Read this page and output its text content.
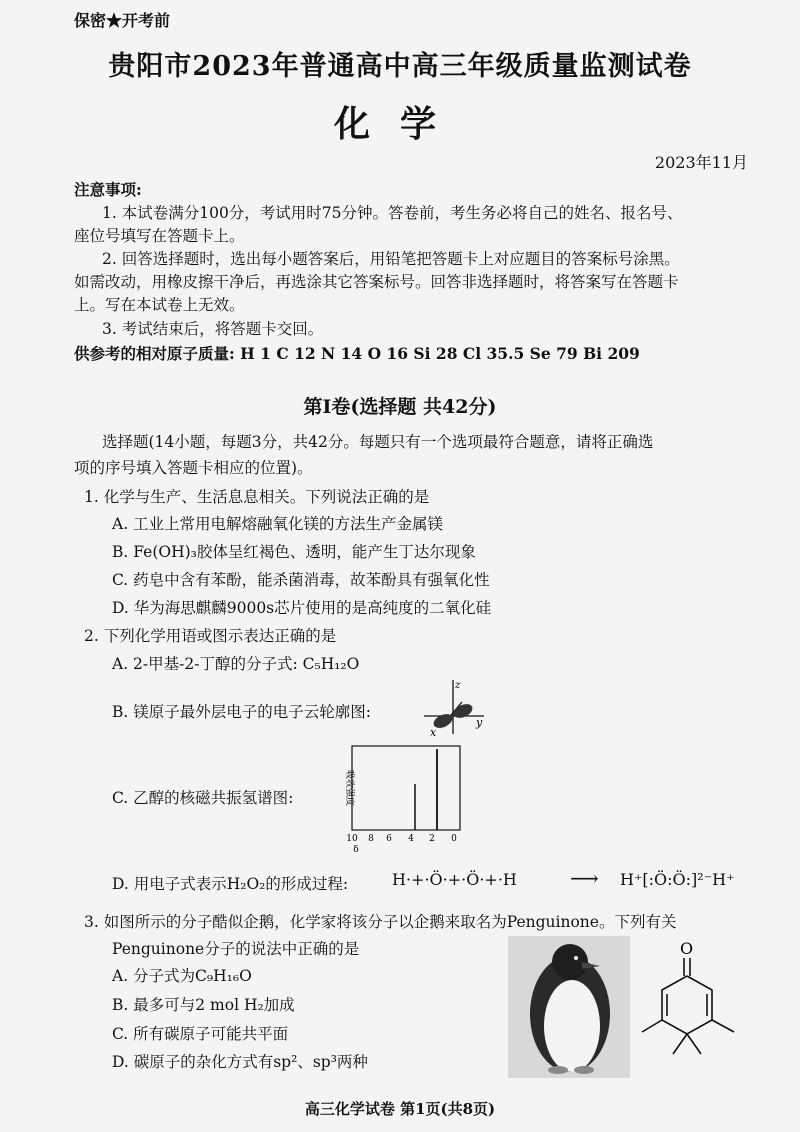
保密★开考前
贵阳市2023年普通高中高三年级质量监测试卷
化学
2023年11月
注意事项:
1. 本试卷满分100分，考试用时75分钟。答卷前，考生务必将自己的姓名、报名号、
座位号填写在答题卡上。
2. 回答选择题时，选出每小题答案后，用铅笔把答题卡上对应题目的答案标号涂黑。
如需改动，用橡皮擦干净后，再选涂其它答案标号。回答非选择题时，将答案写在答题卡
上。写在本试卷上无效。
3. 考试结束后，将答题卡交回。
供参考的相对原子质量: H 1 C 12 N 14 O 16 Si 28 Cl 35.5 Se 79 Bi 209
第Ⅰ卷(选择题 共42分)
选择题(14小题，每题3分，共42分。每题只有一个选项最符合题意，请将正确选
项的序号填入答题卡相应的位置)。
1. 化学与生产、生活息息相关。下列说法正确的是
A. 工业上常用电解熔融氧化镁的方法生产金属镁
B. Fe(OH)₃胶体呈红褐色、透明，能产生丁达尔现象
C. 药皂中含有苯酚，能杀菌消毒，故苯酚具有强氧化性
D. 华为海思麒麟9000s芯片使用的是高纯度的二氧化硅
2. 下列化学用语或图示表达正确的是
A. 2-甲基-2-丁醇的分子式: C₅H₁₂O
B. 镁原子最外层电子的电子云轮廓图:
z
y
x
C. 乙醇的核磁共振氢谱图:	吸收强度
10 8 6 4 2 0
δ
D. 用电子式表示H₂O₂的形成过程:	H·+·Ö·+·Ö·+·H	⟶ H⁺[:Ö:Ö:]²⁻H⁺
3. 如图所示的分子酷似企鹅，化学家将该分子以企鹅来取名为Penguinone。下列有关
Penguinone分子的说法中正确的是
A. 分子式为C₉H₁₆O
B. 最多可与2 mol H₂加成
C. 所有碳原子可能共平面
D. 碳原子的杂化方式有sp²、sp³两种
O
高三化学试卷 第1页(共8页)
